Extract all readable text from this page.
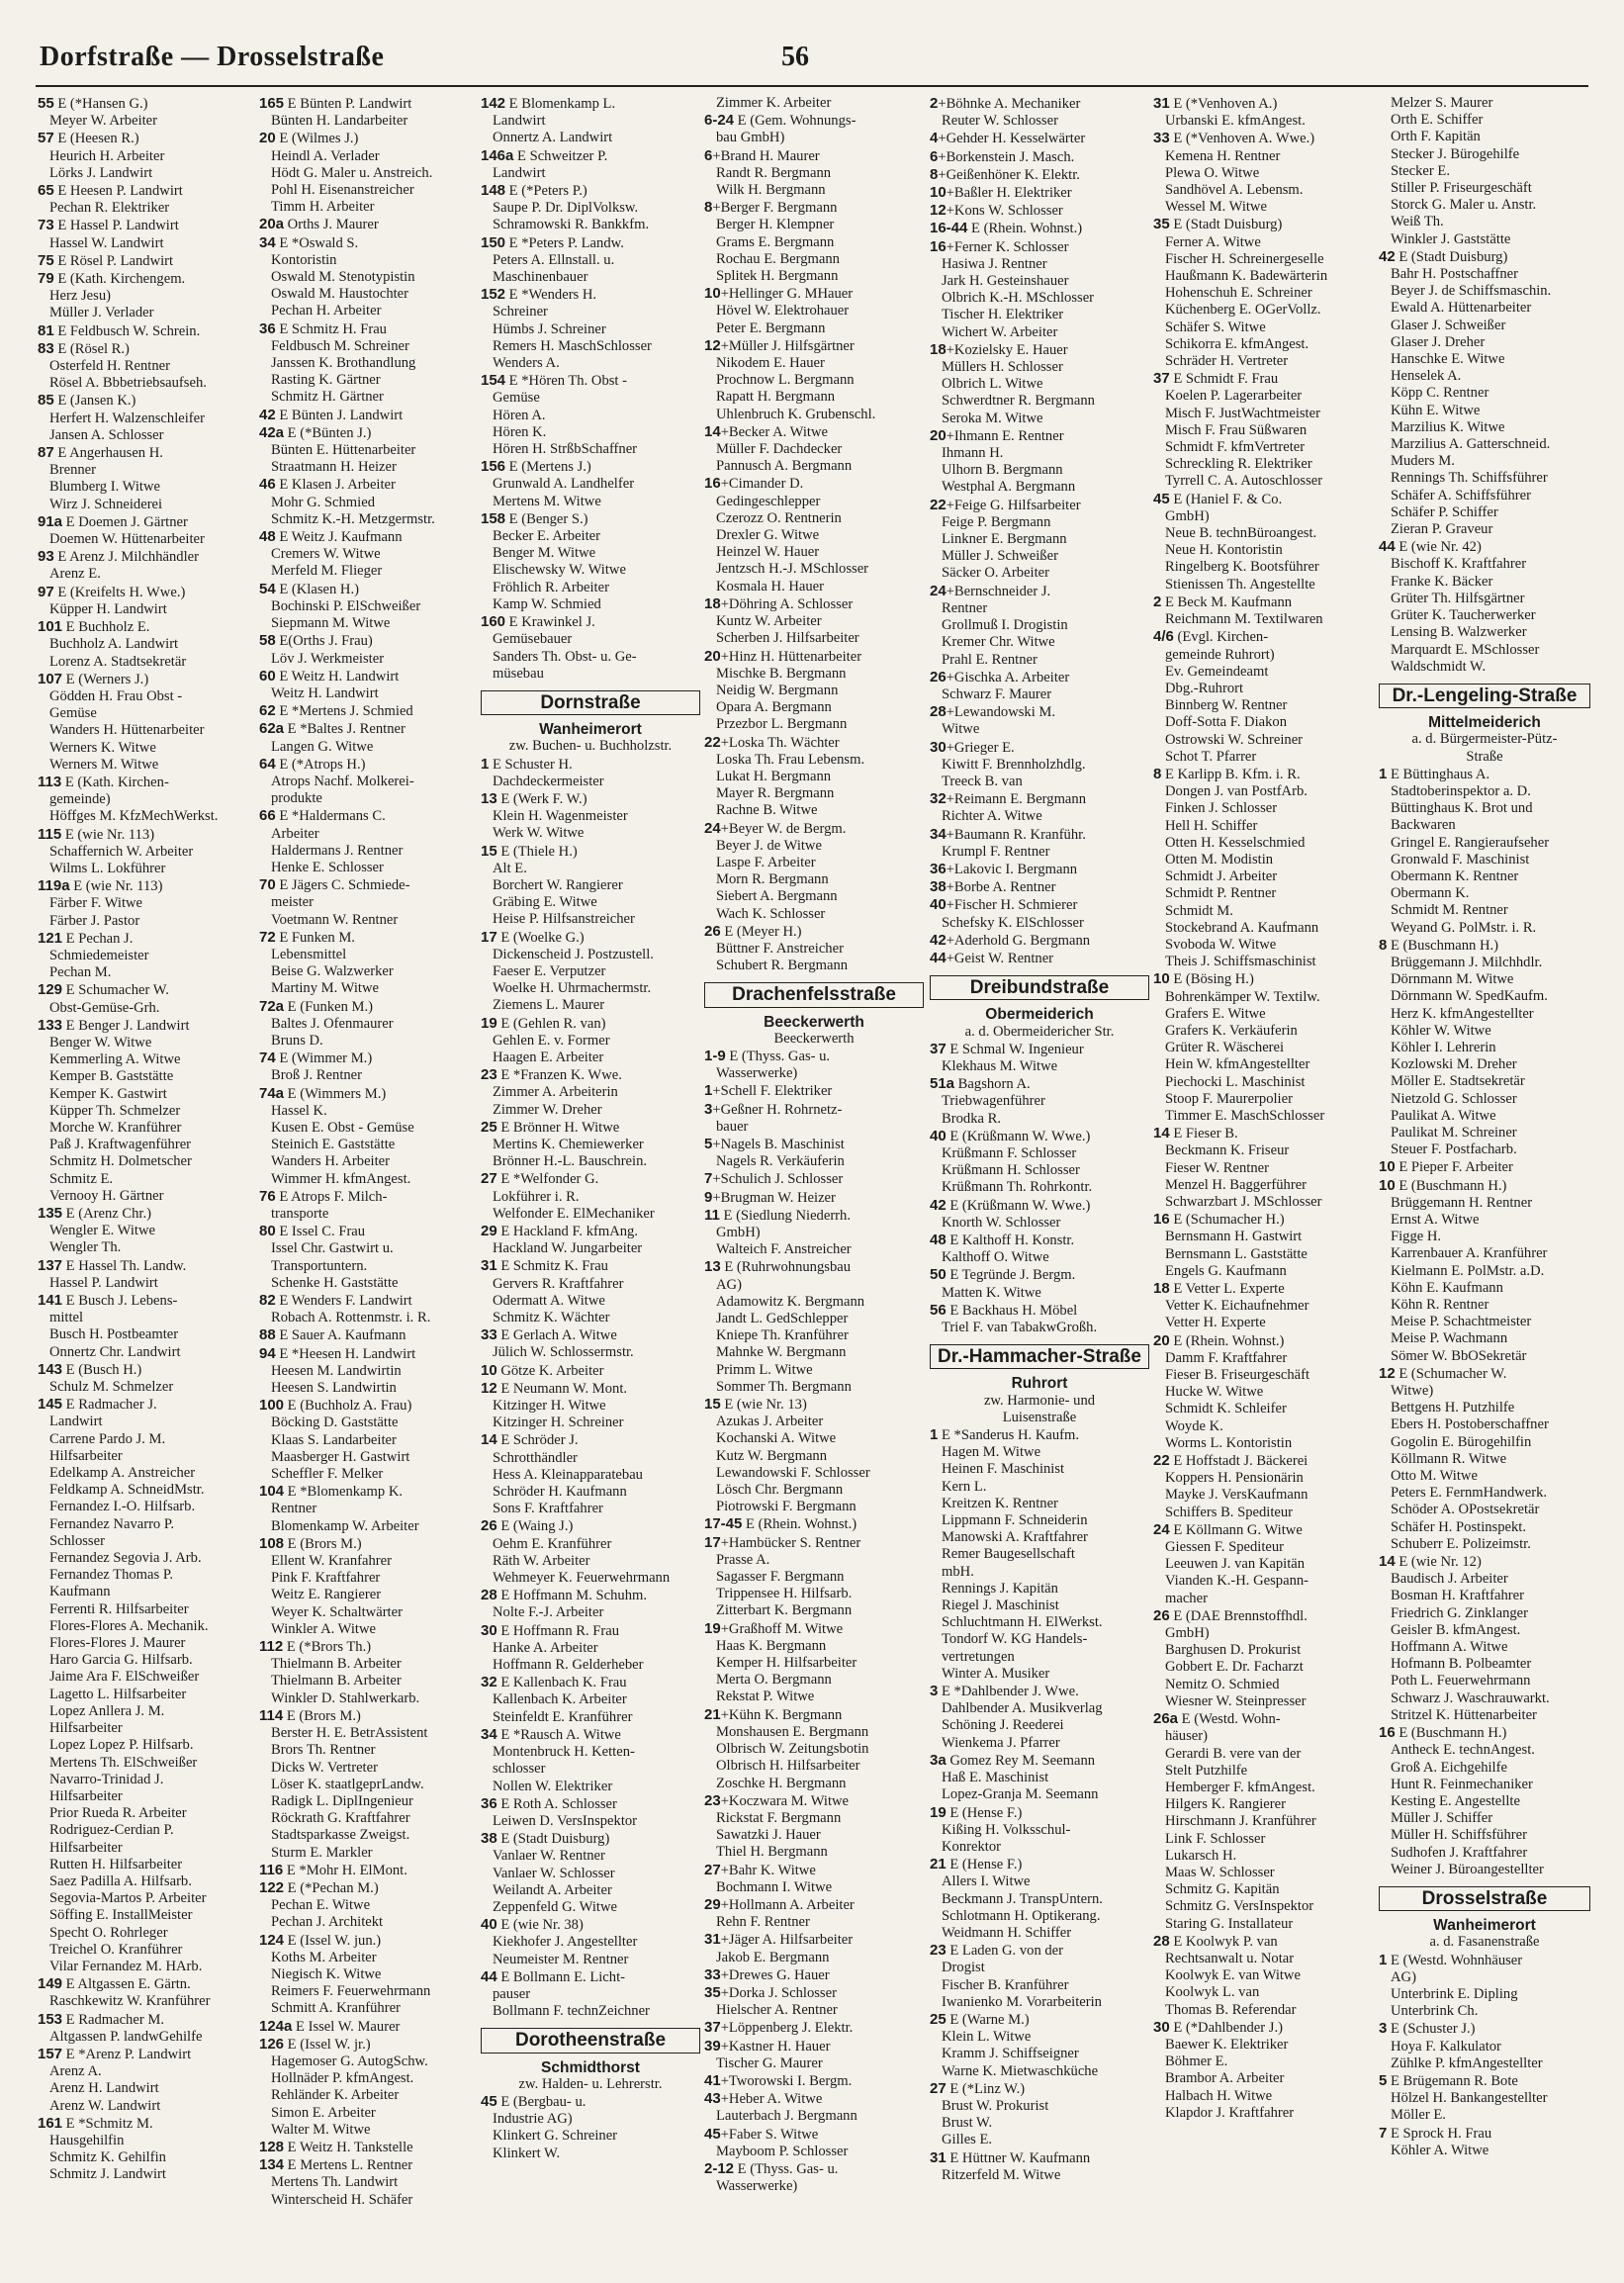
Dorfstraße — Drosselstraße	56
55 E (*Hansen G.)
Meyer W. Arbeiter
57 E (Heesen R.)
Heurich H. Arbeiter
Lörks J. Landwirt
65 E Heesen P. Landwirt
Pechan R. Elektriker
73 E Hassel P. Landwirt
Hassel W. Landwirt
75 E Rösel P. Landwirt
79 E (Kath. Kirchengem.
Herz Jesu)
Müller J. Verlader
81 E Feldbusch W. Schrein.
83 E (Rösel R.)
Osterfeld H. Rentner
Rösel A. Bbbetriebsaufseh.
85 E (Jansen K.)
Herfert H. Walzenschleifer
Jansen A. Schlosser
87 E Angerhausen H.
Brenner
Blumberg I. Witwe
Wirz J. Schneiderei
91a E Doemen J. Gärtner
Doemen W. Hüttenarbeiter
93 E Arenz J. Milchhändler
Arenz E.
97 E (Kreifelts H. Wwe.)
Küpper H. Landwirt
101 E Buchholz E.
Buchholz A. Landwirt
Lorenz A. Stadtsekretär
107 E (Werners J.)
Gödden H. Frau Obst -
Gemüse
Wanders H. Hüttenarbeiter
Werners K. Witwe
Werners M. Witwe
113 E (Kath. Kirchen-
gemeinde)
Höffges M. KfzMechWerkst.
115 E (wie Nr. 113)
Schaffernich W. Arbeiter
Wilms L. Lokführer
119a E (wie Nr. 113)
Färber F. Witwe
Färber J. Pastor
121 E Pechan J.
Schmiedemeister
Pechan M.
129 E Schumacher W.
Obst-Gemüse-Grh.
133 E Benger J. Landwirt
Benger W. Witwe
Kemmerling A. Witwe
Kemper B. Gaststätte
Kemper K. Gastwirt
Küpper Th. Schmelzer
Morche W. Kranführer
Paß J. Kraftwagenführer
Schmitz H. Dolmetscher
Schmitz E.
Vernooy H. Gärtner
135 E (Arenz Chr.)
Wengler E. Witwe
Wengler Th.
137 E Hassel Th. Landw.
Hassel P. Landwirt
141 E Busch J. Lebens-
mittel
Busch H. Postbeamter
Onnertz Chr. Landwirt
143 E (Busch H.)
Schulz M. Schmelzer
145 E Radmacher J.
Landwirt
Carrene Pardo J. M.
Hilfsarbeiter
Edelkamp A. Anstreicher
Feldkamp A. SchneidMstr.
Fernandez I.-O. Hilfsarb.
Fernandez Navarro P.
Schlosser
Fernandez Segovia J. Arb.
Fernandez Thomas P.
Kaufmann
Ferrenti R. Hilfsarbeiter
Flores-Flores A. Mechanik.
Flores-Flores J. Maurer
Haro Garcia G. Hilfsarb.
Jaime Ara F. ElSchweißer
Lagetto L. Hilfsarbeiter
Lopez Anllera J. M.
Hilfsarbeiter
Lopez Lopez P. Hilfsarb.
Mertens Th. ElSchweißer
Navarro-Trinidad J.
Hilfsarbeiter
Prior Rueda R. Arbeiter
Rodriguez-Cerdian P.
Hilfsarbeiter
Rutten H. Hilfsarbeiter
Saez Padilla A. Hilfsarb.
Segovia-Martos P. Arbeiter
Söffing E. InstallMeister
Specht O. Rohrleger
Treichel O. Kranführer
Vilar Fernandez M. HArb.
149 E Altgassen E. Gärtn.
Raschkewitz W. Kranführer
153 E Radmacher M.
Altgassen P. landwGehilfe
157 E *Arenz P. Landwirt
Arenz A.
Arenz H. Landwirt
Arenz W. Landwirt
161 E *Schmitz M.
Hausgehilfin
Schmitz K. Gehilfin
Schmitz J. Landwirt
165 E Bünten P. Landwirt
Bünten H. Landarbeiter
20 E (Wilmes J.)
Heindl A. Verlader
Hödt G. Maler u. Anstreich.
Pohl H. Eisenanstreicher
Timm H. Arbeiter
20a Orths J. Maurer
34 E *Oswald S.
Kontoristin
Oswald M. Stenotypistin
Oswald M. Haustochter
Pechan H. Arbeiter
36 E Schmitz H. Frau
Feldbusch M. Schreiner
Janssen K. Brothandlung
Rasting K. Gärtner
Schmitz H. Gärtner
42 E Bünten J. Landwirt
42a E (*Bünten J.)
Bünten E. Hüttenarbeiter
Straatmann H. Heizer
46 E Klasen J. Arbeiter
Mohr G. Schmied
Schmitz K.-H. Metzgermstr.
48 E Weitz J. Kaufmann
Cremers W. Witwe
Merfeld M. Flieger
54 E (Klasen H.)
Bochinski P. ElSchweißer
Siepmann M. Witwe
58 E(Orths J. Frau)
Löv J. Werkmeister
60 E Weitz H. Landwirt
Weitz H. Landwirt
62 E *Mertens J. Schmied
62a E *Baltes J. Rentner
Langen G. Witwe
64 E (*Atrops H.)
Atrops Nachf. Molkerei-
produkte
66 E *Haldermans C.
Arbeiter
Haldermans J. Rentner
Henke E. Schlosser
70 E Jägers C. Schmiede-
meister
Voetmann W. Rentner
72 E Funken M.
Lebensmittel
Beise G. Walzwerker
Martiny M. Witwe
72a E (Funken M.)
Baltes J. Ofenmaurer
Bruns D.
74 E (Wimmer M.)
Broß J. Rentner
74a E (Wimmers M.)
Hassel K.
Kusen E. Obst - Gemüse
Steinich E. Gaststätte
Wanders H. Arbeiter
Wimmer H. kfmAngest.
76 E Atrops F. Milch-
transporte
80 E Issel C. Frau
Issel Chr. Gastwirt u.
Transportuntern.
Schenke H. Gaststätte
82 E Wenders F. Landwirt
Robach A. Rottenmstr. i. R.
88 E Sauer A. Kaufmann
94 E *Heesen H. Landwirt
Heesen M. Landwirtin
Heesen S. Landwirtin
100 E (Buchholz A. Frau)
Böcking D. Gaststätte
Klaas S. Landarbeiter
Maasberger H. Gastwirt
Scheffler F. Melker
104 E *Blomenkamp K.
Rentner
Blomenkamp W. Arbeiter
108 E (Brors M.)
Ellent W. Kranfahrer
Pink F. Kraftfahrer
Weitz E. Rangierer
Weyer K. Schaltwärter
Winkler A. Witwe
112 E (*Brors Th.)
Thielmann B. Arbeiter
Thielmann B. Arbeiter
Winkler D. Stahlwerkarb.
114 E (Brors M.)
Berster H. E. BetrAssistent
Brors Th. Rentner
Dicks W. Vertreter
Löser K. staatlgeprLandw.
Radigk L. DiplIngenieur
Röckrath G. Kraftfahrer
Stadtsparkasse Zweigst.
Sturm E. Markler
116 E *Mohr H. ElMont.
122 E (*Pechan M.)
Pechan E. Witwe
Pechan J. Architekt
124 E (Issel W. jun.)
Koths M. Arbeiter
Niegisch K. Witwe
Reimers F. Feuerwehrmann
Schmitt A. Kranführer
124a E Issel W. Maurer
126 E (Issel W. jr.)
Hagemoser G. AutogSchw.
Hollnäder P. kfmAngest.
Rehländer K. Arbeiter
Simon E. Arbeiter
Walter M. Witwe
128 E Weitz H. Tankstelle
134 E Mertens L. Rentner
Mertens Th. Landwirt
Winterscheid H. Schäfer
142 E Blomenkamp L.
Landwirt
Onnertz A. Landwirt
146a E Schweitzer P.
Landwirt
148 E (*Peters P.)
Saupe P. Dr. DiplVolksw.
Schramowski R. Bankkfm.
150 E *Peters P. Landw.
Peters A. Ellnstall. u.
Maschinenbauer
152 E *Wenders H.
Schreiner
Hümbs J. Schreiner
Remers H. MaschSchlosser
Wenders A.
154 E *Hören Th. Obst -
Gemüse
Hören A.
Hören K.
Hören H. StrßbSchaffner
156 E (Mertens J.)
Grunwald A. Landhelfer
Mertens M. Witwe
158 E (Benger S.)
Becker E. Arbeiter
Benger M. Witwe
Elischewsky W. Witwe
Fröhlich R. Arbeiter
Kamp W. Schmied
160 E Krawinkel J.
Gemüsebauer
Sanders Th. Obst- u. Ge-
müsebau
Dornstraße
Wanheimerort
zw. Buchen- u. Buchholzstr.
1 E Schuster H.
Dachdeckermeister
13 E (Werk F. W.)
Klein H. Wagenmeister
Werk W. Witwe
15 E (Thiele H.)
Alt E.
Borchert W. Rangierer
Gräbing E. Witwe
Heise P. Hilfsanstreicher
17 E (Woelke G.)
Dickenscheid J. Postzustell.
Faeser E. Verputzer
Woelke H. Uhrmachermstr.
Ziemens L. Maurer
19 E (Gehlen R. van)
Gehlen E. v. Former
Haagen E. Arbeiter
23 E *Franzen K. Wwe.
Zimmer A. Arbeiterin
Zimmer W. Dreher
25 E Brönner H. Witwe
Mertins K. Chemiewerker
Brönner H.-L. Bauschrein.
27 E *Welfonder G.
Lokführer i. R.
Welfonder E. ElMechaniker
29 E Hackland F. kfmAng.
Hackland W. Jungarbeiter
31 E Schmitz K. Frau
Gervers R. Kraftfahrer
Odermatt A. Witwe
Schmitz K. Wächter
33 E Gerlach A. Witwe
Jülich W. Schlossermstr.
10 Götze K. Arbeiter
12 E Neumann W. Mont.
Kitzinger H. Witwe
Kitzinger H. Schreiner
14 E Schröder J.
Schrotthändler
Hess A. Kleinapparatebau
Schröder H. Kaufmann
Sons F. Kraftfahrer
26 E (Waing J.)
Oehm E. Kranführer
Räth W. Arbeiter
Wehmeyer K. Feuerwehrmann
28 E Hoffmann M. Schuhm.
Nolte F.-J. Arbeiter
30 E Hoffmann R. Frau
Hanke A. Arbeiter
Hoffmann R. Gelderheber
32 E Kallenbach K. Frau
Kallenbach K. Arbeiter
Steinfeldt E. Kranführer
34 E *Rausch A. Witwe
Montenbruck H. Ketten-
schlosser
Nollen W. Elektriker
36 E Roth A. Schlosser
Leiwen D. VersInspektor
38 E (Stadt Duisburg)
Vanlaer W. Rentner
Vanlaer W. Schlosser
Weilandt A. Arbeiter
Zeppenfeld G. Witwe
40 E (wie Nr. 38)
Kiekhofer J. Angestellter
Neumeister M. Rentner
44 E Bollmann E. Licht-
pauser
Bollmann F. technZeichner
Dorotheenstraße
Schmidthorst
zw. Halden- u. Lehrerstr.
45 E (Bergbau- u.
Industrie AG)
Klinkert G. Schreiner
Klinkert W.
Zimmer K. Arbeiter
6-24 E (Gem. Wohnungs-
bau GmbH)
6+Brand H. Maurer
Randt R. Bergmann
Wilk H. Bergmann
8+Berger F. Bergmann
Berger H. Klempner
Grams E. Bergmann
Rochau E. Bergmann
Splitek H. Bergmann
10+Hellinger G. MHauer
Hövel W. Elektrohauer
Peter E. Bergmann
12+Müller J. Hilfsgärtner
Nikodem E. Hauer
Prochnow L. Bergmann
Rapatt H. Bergmann
Uhlenbruch K. Grubenschl.
14+Becker A. Witwe
Müller F. Dachdecker
Pannusch A. Bergmann
16+Cimander D.
Gedingeschlepper
Czerozz O. Rentnerin
Drexler G. Witwe
Heinzel W. Hauer
Jentzsch H.-J. MSchlosser
Kosmala H. Hauer
18+Döhring A. Schlosser
Kuntz W. Arbeiter
Scherben J. Hilfsarbeiter
20+Hinz H. Hüttenarbeiter
Mischke B. Bergmann
Neidig W. Bergmann
Opara A. Bergmann
Przezbor L. Bergmann
22+Loska Th. Wächter
Loska Th. Frau Lebensm.
Lukat H. Bergmann
Mayer R. Bergmann
Rachne B. Witwe
24+Beyer W. de Bergm.
Beyer J. de Witwe
Laspe F. Arbeiter
Morn R. Bergmann
Siebert A. Bergmann
Wach K. Schlosser
26 E (Meyer H.)
Büttner F. Anstreicher
Schubert R. Bergmann
Drachenfelsstraße
Beeckerwerth
Beeckerwerth
1-9 E (Thyss. Gas- u.
Wasserwerke)
1+Schell F. Elektriker
3+Geßner H. Rohrnetz-
bauer
5+Nagels B. Maschinist
Nagels R. Verkäuferin
7+Schulich J. Schlosser
9+Brugman W. Heizer
11 E (Siedlung Niederrh.
GmbH)
Walteich F. Anstreicher
13 E (Ruhrwohnungsbau
AG)
Adamowitz K. Bergmann
Jandt L. GedSchlepper
Kniepe Th. Kranführer
Mahnke W. Bergmann
Primm L. Witwe
Sommer Th. Bergmann
15 E (wie Nr. 13)
Azukas J. Arbeiter
Kochanski A. Witwe
Kutz W. Bergmann
Lewandowski F. Schlosser
Lösch Chr. Bergmann
Piotrowski F. Bergmann
17-45 E (Rhein. Wohnst.)
17+Hambücker S. Rentner
Prasse A.
Sagasser F. Bergmann
Trippensee H. Hilfsarb.
Zitterbart K. Bergmann
19+Graßhoff M. Witwe
Haas K. Bergmann
Kemper H. Hilfsarbeiter
Merta O. Bergmann
Rekstat P. Witwe
21+Kühn K. Bergmann
Monshausen E. Bergmann
Olbrisch W. Zeitungsbotin
Olbrisch H. Hilfsarbeiter
Zoschke H. Bergmann
23+Koczwara M. Witwe
Rickstat F. Bergmann
Sawatzki J. Hauer
Thiel H. Bergmann
27+Bahr K. Witwe
Bochmann I. Witwe
29+Hollmann A. Arbeiter
Rehn F. Rentner
31+Jäger A. Hilfsarbeiter
Jakob E. Bergmann
33+Drewes G. Hauer
35+Dorka J. Schlosser
Hielscher A. Rentner
37+Löppenberg J. Elektr.
39+Kastner H. Hauer
Tischer G. Maurer
41+Tworowski I. Bergm.
43+Heber A. Witwe
Lauterbach J. Bergmann
45+Faber S. Witwe
Mayboom P. Schlosser
2-12 E (Thyss. Gas- u.
Wasserwerke)
2+Böhnke A. Mechaniker
Reuter W. Schlosser
4+Gehder H. Kesselwärter
6+Borkenstein J. Masch.
8+Geißenhöner K. Elektr.
10+Baßler H. Elektriker
12+Kons W. Schlosser
16-44 E (Rhein. Wohnst.)
16+Ferner K. Schlosser
Hasiwa J. Rentner
Jark H. Gesteinshauer
Olbrich K.-H. MSchlosser
Tischer H. Elektriker
Wichert W. Arbeiter
18+Kozielsky E. Hauer
Müllers H. Schlosser
Olbrich L. Witwe
Schwerdtner R. Bergmann
Seroka M. Witwe
20+Ihmann E. Rentner
Ihmann H.
Ulhorn B. Bergmann
Westphal A. Bergmann
22+Feige G. Hilfsarbeiter
Feige P. Bergmann
Linkner E. Bergmann
Müller J. Schweißer
Säcker O. Arbeiter
24+Bernschneider J.
Rentner
Grollmuß I. Drogistin
Kremer Chr. Witwe
Prahl E. Rentner
26+Gischka A. Arbeiter
Schwarz F. Maurer
28+Lewandowski M.
Witwe
30+Grieger E.
Kiwitt F. Brennholzhdlg.
Treeck B. van
32+Reimann E. Bergmann
Richter A. Witwe
34+Baumann R. Kranführ.
Krumpl F. Rentner
36+Lakovic I. Bergmann
38+Borbe A. Rentner
40+Fischer H. Schmierer
Schefsky K. ElSchlosser
42+Aderhold G. Bergmann
44+Geist W. Rentner
Dreibundstraße
Obermeiderich
a. d. Obermeidericher Str.
37 E Schmal W. Ingenieur
Klekhaus M. Witwe
51a Bagshorn A.
Triebwagenführer
Brodka R.
40 E (Krüßmann W. Wwe.)
Krüßmann F. Schlosser
Krüßmann H. Schlosser
Krüßmann Th. Rohrkontr.
42 E (Krüßmann W. Wwe.)
Knorth W. Schlosser
48 E Kalthoff H. Konstr.
Kalthoff O. Witwe
50 E Tegründe J. Bergm.
Matten K. Witwe
56 E Backhaus H. Möbel
Triel F. van TabakwGroßh.
Dr.-Hammacher-Straße
Ruhrort
zw. Harmonie- und
Luisenstraße
1 E *Sanderus H. Kaufm.
Hagen M. Witwe
Heinen F. Maschinist
Kern L.
Kreitzen K. Rentner
Lippmann F. Schneiderin
Manowski A. Kraftfahrer
Remer Baugesellschaft
mbH.
Rennings J. Kapitän
Riegel J. Maschinist
Schluchtmann H. ElWerkst.
Tondorf W. KG Handels-
vertretungen
Winter A. Musiker
3 E *Dahlbender J. Wwe.
Dahlbender A. Musikverlag
Schöning J. Reederei
Wienkema J. Pfarrer
3a Gomez Rey M. Seemann
Haß E. Maschinist
Lopez-Granja M. Seemann
19 E (Hense F.)
Kißing H. Volksschul-
Konrektor
21 E (Hense F.)
Allers I. Witwe
Beckmann J. TranspUntern.
Schlotmann H. Optikerang.
Weidmann H. Schiffer
23 E Laden G. von der
Drogist
Fischer B. Kranführer
Iwanienko M. Vorarbeiterin
25 E (Warne M.)
Klein L. Witwe
Kramm J. Schiffseigner
Warne K. Mietwaschküche
27 E (*Linz W.)
Brust W. Prokurist
Brust W.
Gilles E.
31 E Hüttner W. Kaufmann
Ritzerfeld M. Witwe
31 E (*Venhoven A.)
Urbanski E. kfmAngest.
33 E (*Venhoven A. Wwe.)
Kemena H. Rentner
Plewa O. Witwe
Sandhövel A. Lebensm.
Wessel M. Witwe
35 E (Stadt Duisburg)
Ferner A. Witwe
Fischer H. Schreinergeselle
Haußmann K. Badewärterin
Hohenschuh E. Schreiner
Küchenberg E. OGerVollz.
Schäfer S. Witwe
Schikorra E. kfmAngest.
Schräder H. Vertreter
37 E Schmidt F. Frau
Koelen P. Lagerarbeiter
Misch F. JustWachtmeister
Misch F. Frau Süßwaren
Schmidt F. kfmVertreter
Schreckling R. Elektriker
Tyrrell C. A. Autoschlosser
45 E (Haniel F. & Co.
GmbH)
Neue B. technBüroangest.
Neue H. Kontoristin
Ringelberg K. Bootsführer
Stienissen Th. Angestellte
2 E Beck M. Kaufmann
Reichmann M. Textilwaren
4/6 (Evgl. Kirchen-
gemeinde Ruhrort)
Ev. Gemeindeamt
Dbg.-Ruhrort
Binnberg W. Rentner
Doff-Sotta F. Diakon
Ostrowski W. Schreiner
Schot T. Pfarrer
8 E Karlipp B. Kfm. i. R.
Dongen J. van PostfArb.
Finken J. Schlosser
Hell H. Schiffer
Otten H. Kesselschmied
Otten M. Modistin
Schmidt J. Arbeiter
Schmidt P. Rentner
Schmidt M.
Stockebrand A. Kaufmann
Svoboda W. Witwe
Theis J. Schiffsmaschinist
10 E (Bösing H.)
Bohrenkämper W. Textilw.
Grafers E. Witwe
Grafers K. Verkäuferin
Grüter R. Wäscherei
Hein W. kfmAngestellter
Piechocki L. Maschinist
Stoop F. Maurerpolier
Timmer E. MaschSchlosser
14 E Fieser B.
Beckmann K. Friseur
Fieser W. Rentner
Menzel H. Baggerführer
Schwarzbart J. MSchlosser
16 E (Schumacher H.)
Bernsmann H. Gastwirt
Bernsmann L. Gaststätte
Engels G. Kaufmann
18 E Vetter L. Experte
Vetter K. Eichaufnehmer
Vetter H. Experte
20 E (Rhein. Wohnst.)
Damm F. Kraftfahrer
Fieser B. Friseurgeschäft
Hucke W. Witwe
Schmidt K. Schleifer
Woyde K.
Worms L. Kontoristin
22 E Hoffstadt J. Bäckerei
Koppers H. Pensionärin
Mayke J. VersKaufmann
Schiffers B. Spediteur
24 E Köllmann G. Witwe
Giessen F. Spediteur
Leeuwen J. van Kapitän
Vianden K.-H. Gespann-
macher
26 E (DAE Brennstoffhdl.
GmbH)
Barghusen D. Prokurist
Gobbert E. Dr. Facharzt
Nemitz O. Schmied
Wiesner W. Steinpresser
26a E (Westd. Wohn-
häuser)
Gerardi B. vere van der
Stelt Putzhilfe
Hemberger F. kfmAngest.
Hilgers K. Rangierer
Hirschmann J. Kranführer
Link F. Schlosser
Lukarsch H.
Maas W. Schlosser
Schmitz G. Kapitän
Schmitz G. VersInspektor
Staring G. Installateur
28 E Koolwyk P. van
Rechtsanwalt u. Notar
Koolwyk E. van Witwe
Koolwyk L. van
Thomas B. Referendar
30 E (*Dahlbender J.)
Baewer K. Elektriker
Böhmer E.
Brambor A. Arbeiter
Halbach H. Witwe
Klapdor J. Kraftfahrer
Melzer S. Maurer
Orth E. Schiffer
Orth F. Kapitän
Stecker J. Bürogehilfe
Stecker E.
Stiller P. Friseurgeschäft
Storck G. Maler u. Anstr.
Weiß Th.
Winkler J. Gaststätte
42 E (Stadt Duisburg)
Bahr H. Postschaffner
Beyer J. de Schiffsmaschin.
Ewald A. Hüttenarbeiter
Glaser J. Schweißer
Glaser J. Dreher
Hanschke E. Witwe
Henselek A.
Köpp C. Rentner
Kühn E. Witwe
Marzilius K. Witwe
Marzilius A. Gatterschneid.
Muders M.
Rennings Th. Schiffsführer
Schäfer A. Schiffsführer
Schäfer P. Schiffer
Zieran P. Graveur
44 E (wie Nr. 42)
Bischoff K. Kraftfahrer
Franke K. Bäcker
Grüter Th. Hilfsgärtner
Grüter K. Taucherwerker
Lensing B. Walzwerker
Marquardt E. MSchlosser
Waldschmidt W.
Dr.-Lengeling-Straße
Mittelmeiderich
a. d. Bürgermeister-Pütz-
Straße
1 E Büttinghaus A.
Stadtoberinspektor a. D.
Büttinghaus K. Brot und
Backwaren
Gringel E. Rangieraufseher
Gronwald F. Maschinist
Obermann K. Rentner
Obermann K.
Schmidt M. Rentner
Weyand G. PolMstr. i. R.
8 E (Buschmann H.)
Brüggemann J. Milchhdlr.
Dörnmann M. Witwe
Dörnmann W. SpedKaufm.
Herz K. kfmAngestellter
Köhler W. Witwe
Köhler I. Lehrerin
Kozlowski M. Dreher
Möller E. Stadtsekretär
Nietzold G. Schlosser
Paulikat A. Witwe
Paulikat M. Schreiner
Steuer F. Postfacharb.
10 E Pieper F. Arbeiter
10 E (Buschmann H.)
Brüggemann H. Rentner
Ernst A. Witwe
Figge H.
Karrenbauer A. Kranführer
Kielmann E. PolMstr. a.D.
Köhn E. Kaufmann
Köhn R. Rentner
Meise P. Schachtmeister
Meise P. Wachmann
Sömer W. BbOSekretär
12 E (Schumacher W.
Witwe)
Bettgens H. Putzhilfe
Ebers H. Postoberschaffner
Gogolin E. Bürogehilfin
Köllmann R. Witwe
Otto M. Witwe
Peters E. FernmHandwerk.
Schöder A. OPostsekretär
Schäfer H. Postinspekt.
Schuberr E. Polizeimstr.
14 E (wie Nr. 12)
Baudisch J. Arbeiter
Bosman H. Kraftfahrer
Friedrich G. Zinklanger
Geisler B. kfmAngest.
Hoffmann A. Witwe
Hofmann B. Polbeamter
Poth L. Feuerwehrmann
Schwarz J. Waschrauwarkt.
Stritzel K. Hüttenarbeiter
16 E (Buschmann H.)
Antheck E. technAngest.
Groß A. Eichgehilfe
Hunt R. Feinmechaniker
Kesting E. Angestellte
Müller J. Schiffer
Müller H. Schiffsführer
Sudhofen J. Kraftfahrer
Weiner J. Büroangestellter
Drosselstraße
Wanheimerort
a. d. Fasanenstraße
1 E (Westd. Wohnhäuser
AG)
Unterbrink E. Dipling
Unterbrink Ch.
3 E (Schuster J.)
Hoya F. Kalkulator
Zühlke P. kfmAngestellter
5 E Brügemann R. Bote
Hölzel H. Bankangestellter
Möller E.
7 E Sprock H. Frau
Köhler A. Witwe
